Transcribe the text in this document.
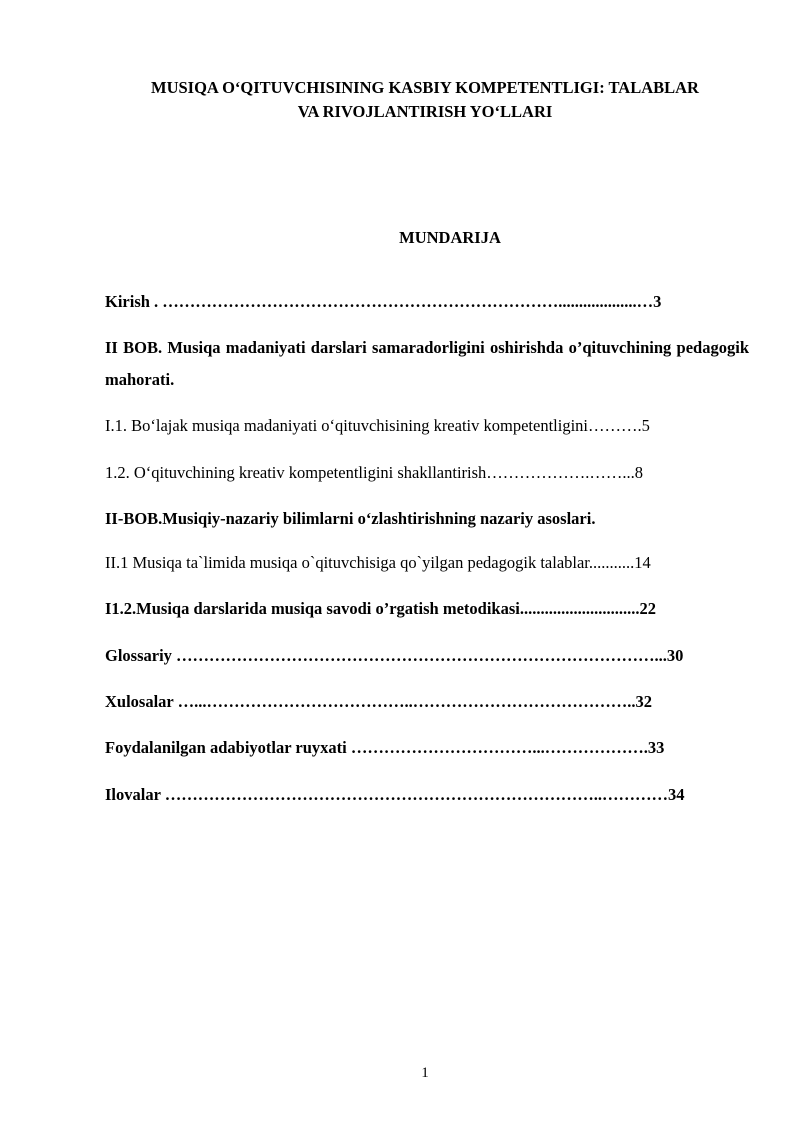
MUSIQA O‘QITUVCHISINING KASBIY KOMPETENTLIGI: TALABLAR
VA RIVOJLANTIRISH YO‘LLARI
MUNDARIJA

Kirish . ………………………………………………………………...................…3

II BOB. Musiqa madaniyati darslari samaradorligini oshirishda o’qituvchining pedagogik mahorati.

I.1. Bo‘lajak musiqa madaniyati o‘qituvchisining kreativ kompetentligini……….5

1.2. O‘qituvchining kreativ kompetentligini shakllantirish……………….……...8

II-BOB.Musiqiy-nazariy bilimlarni o‘zlashtirishning nazariy asoslari.

II.1 Musiqa ta`limida musiqa o`qituvchisiga qo`yilgan pedagogik talablar...........14

I1.2.Musiqa darslarida musiqa savodi o’rgatish metodikasi.............................22

Glossariy ……………………………………………………………………………...30

Xulosalar …...………………………………..…………………………………..32

Foydalanilgan adabiyotlar ruyxati ……………………………...……………….33

Ilovalar ……………………………………………………………………..…………34

1
